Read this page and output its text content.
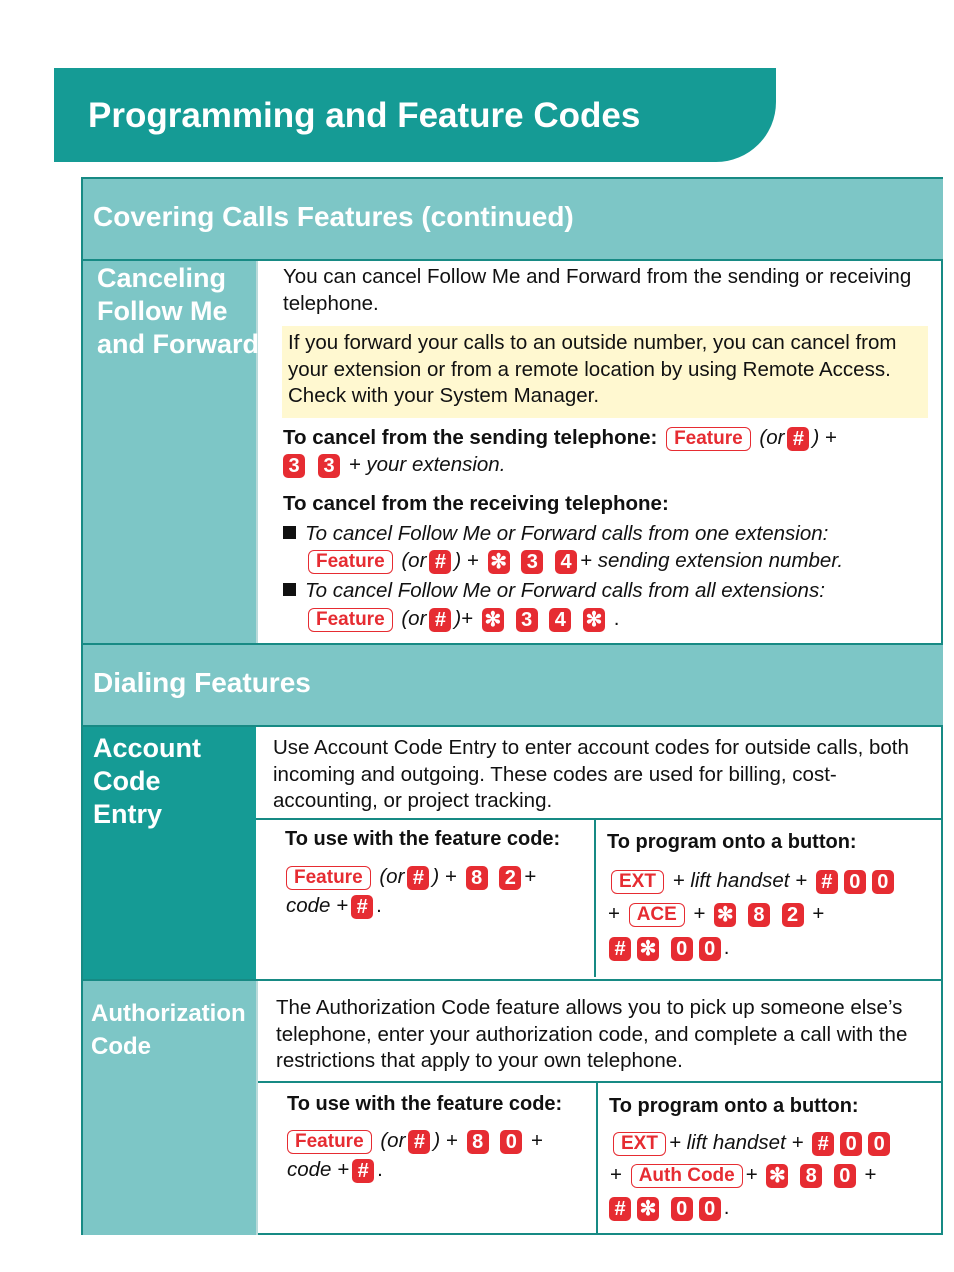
Programming and Feature Codes
Covering Calls Features (continued)
Canceling
Follow Me
and Forward
You can cancel Follow Me and Forward from the sending or receiving telephone.
If you forward your calls to an outside number, you can cancel from your extension or from a remote location by using Remote Access. Check with your System Manager.
To cancel from the sending telephone: Feature (or # ) +
3 3 + your extension.
To cancel from the receiving telephone:
To cancel Follow Me or Forward calls from one extension:
Feature (or # ) + ✻ 3 4 + sending extension number.
To cancel Follow Me or Forward calls from all extensions:
Feature (or # )+ ✻ 3 4 ✻ .
Dialing Features
Account
Code
Entry
Use Account Code Entry to enter account codes for outside calls, both incoming and outgoing. These codes are used for billing, cost-accounting, or project tracking.
To use with the feature code:
Feature (or # ) + 8 2 +
code + # .
To program onto a button:
EXT + lift handset + # 0 0
+ ACE + ✻ 8 2 +
# ✻ 0 0 .
Authorization
Code
The Authorization Code feature allows you to pick up someone else’s telephone, enter your authorization code, and complete a call with the restrictions that apply to your own telephone.
To use with the feature code:
Feature (or # ) + 8 0 +
code + # .
To program onto a button:
EXT + lift handset + # 0 0
+ Auth Code + ✻ 8 0 +
# ✻ 0 0 .
